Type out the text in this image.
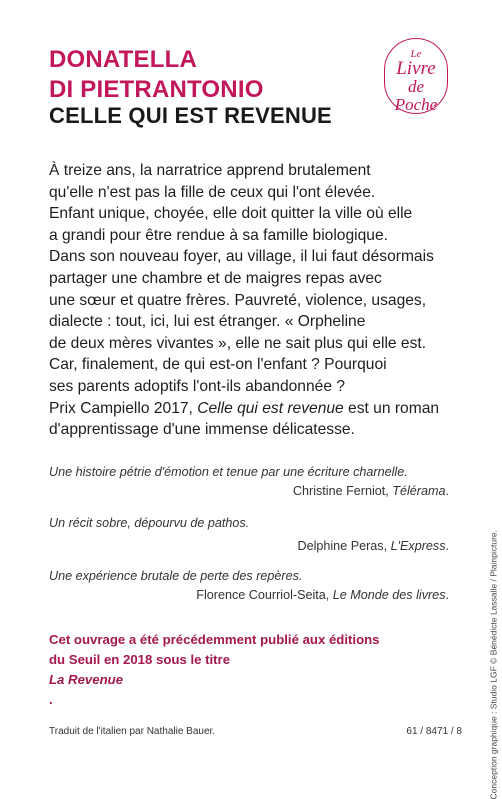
DONATELLA
DI PIETRANTONIO
CELLE QUI EST REVENUE
Le
Livre
de Poche
À treize ans, la narratrice apprend brutalement
qu'elle n'est pas la fille de ceux qui l'ont élevée.
Enfant unique, choyée, elle doit quitter la ville où elle
a grandi pour être rendue à sa famille biologique.
Dans son nouveau foyer, au village, il lui faut désormais
partager une chambre et de maigres repas avec
une sœur et quatre frères. Pauvreté, violence, usages,
dialecte : tout, ici, lui est étranger. « Orpheline
de deux mères vivantes », elle ne sait plus qui elle est.
Car, finalement, de qui est-on l'enfant ? Pourquoi
ses parents adoptifs l'ont-ils abandonnée ?
Prix Campiello 2017, Celle qui est revenue est un roman
d'apprentissage d'une immense délicatesse.

Une histoire pétrie d'émotion et tenue par une écriture charnelle.

Christine Ferniot, Télérama.

Un récit sobre, dépourvu de pathos.

Delphine Peras, L'Express.

Une expérience brutale de perte des repères.

Florence Courriol-Seita, Le Monde des livres.

Cet ouvrage a été précédemment publié aux éditions
du Seuil en 2018 sous le titre
La Revenue
.

Traduit de l'italien par Nathalie Bauer.	61 / 8471 / 8	Conception graphique : Studio LGF © Bénédicte Lassalle / Plainpicture.
